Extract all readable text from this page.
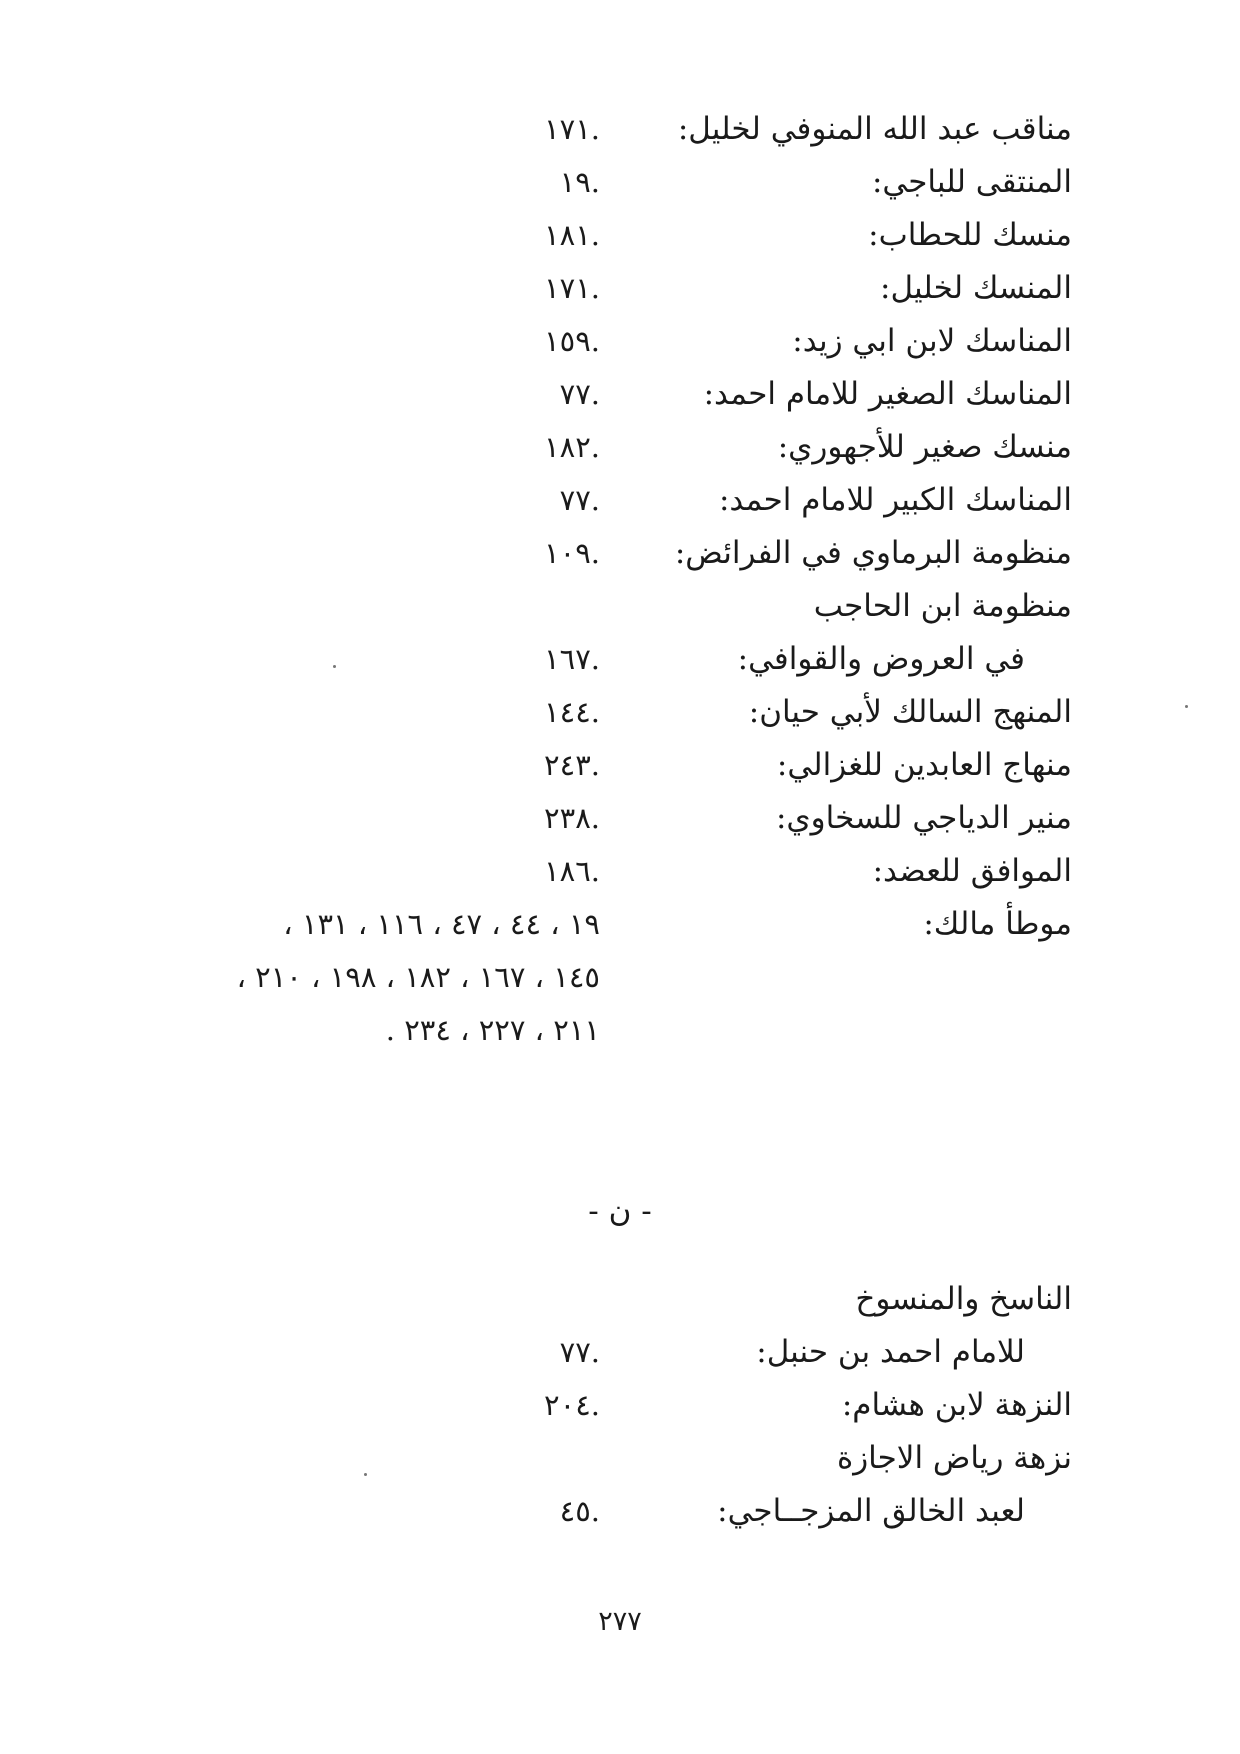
مناقب عبد الله المنوفي لخليل:
.١٧١
المنتقى للباجي:
.١٩
منسك للحطاب:
.١٨١
المنسك لخليل:
.١٧١
المناسك لابن ابي زيد:
.١٥٩
المناسك الصغير للامام احمد:
.٧٧
منسك صغير للأجهوري:
.١٨٢
المناسك الكبير للامام احمد:
.٧٧
منظومة البرماوي في الفرائض:
.١٠٩
منظومة ابن الحاجب
في العروض والقوافي:
.١٦٧
المنهج السالك لأبي حيان:
.١٤٤
منهاج العابدين للغزالي:
.٢٤٣
منير الدياجي للسخاوي:
.٢٣٨
الموافق للعضد:
.١٨٦
موطأ مالك:
١٩ ، ٤٤ ، ٤٧ ، ١١٦ ، ١٣١ ،
١٤٥ ، ١٦٧ ، ١٨٢ ، ١٩٨ ، ٢١٠ ،
٢١١ ، ٢٢٧ ، ٢٣٤ .
- ن -
الناسخ والمنسوخ
للامام احمد بن حنبل:
.٧٧
النزهة لابن هشام:
.٢٠٤
نزهة رياض الاجازة
لعبد الخالق المزجــاجي:
.٤٥
٢٧٧
